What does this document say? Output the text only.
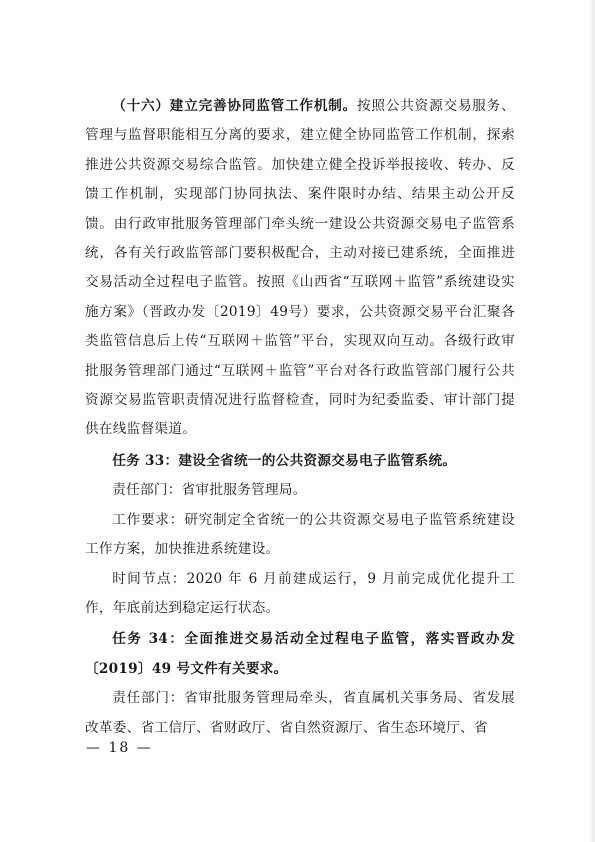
（十六）建立完善协同监管工作机制。按照公共资源交易服务、管理与监督职能相互分离的要求，建立健全协同监管工作机制，探索推进公共资源交易综合监管。加快建立健全投诉举报接收、转办、反馈工作机制，实现部门协同执法、案件限时办结、结果主动公开反馈。由行政审批服务管理部门牵头统一建设公共资源交易电子监管系统，各有关行政监管部门要积极配合，主动对接已建系统，全面推进交易活动全过程电子监管。按照《山西省“互联网＋监管”系统建设实施方案》（晋政办发〔2019〕49号）要求，公共资源交易平台汇聚各类监管信息后上传“互联网＋监管”平台，实现双向互动。各级行政审批服务管理部门通过“互联网＋监管”平台对各行政监管部门履行公共资源交易监管职责情况进行监督检查，同时为纪委监委、审计部门提供在线监督渠道。

任务 33：建设全省统一的公共资源交易电子监管系统。

责任部门：省审批服务管理局。

工作要求：研究制定全省统一的公共资源交易电子监管系统建设工作方案，加快推进系统建设。

时间节点：2020 年 6 月前建成运行，9 月前完成优化提升工作，年底前达到稳定运行状态。

任务 34：全面推进交易活动全过程电子监管，落实晋政办发〔2019〕49 号文件有关要求。

责任部门：省审批服务管理局牵头，省直属机关事务局、省发展改革委、省工信厅、省财政厅、省自然资源厅、省生态环境厅、省

— 18 —
